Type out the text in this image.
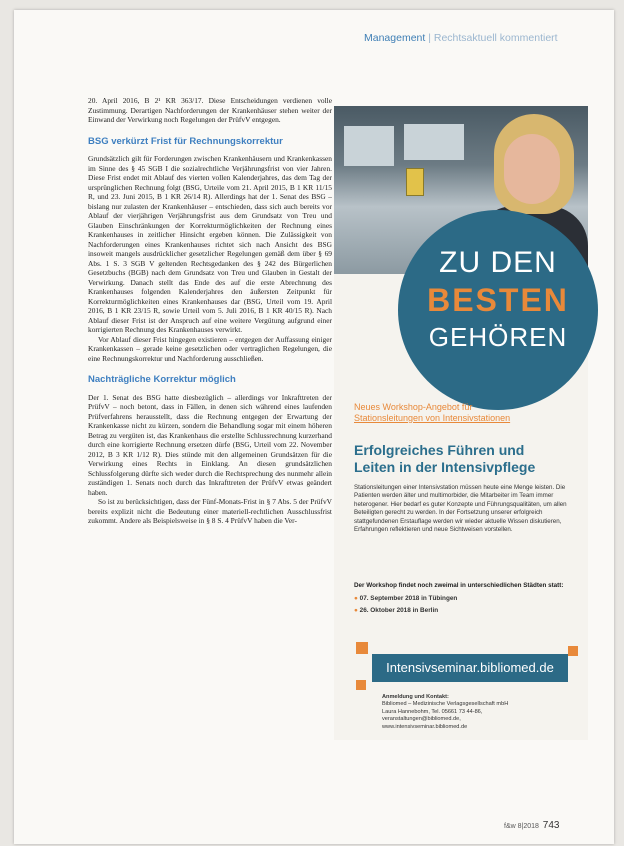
Management | Rechtsaktuell kommentiert

20. April 2016, B 2¹ KR 363/17. Diese Entscheidungen verdienen volle Zustimmung. Derartigen Nachforderungen der Krankenhäuser stehen weiter der Einwand der Verwirkung noch Regelungen der PrüfvV entgegen.

BSG verkürzt Frist für Rechnungskorrektur

Grundsätzlich gilt für Forderungen zwischen Krankenhäusern und Krankenkassen im Sinne des § 45 SGB I die sozialrechtliche Verjährungsfrist von vier Jahren. Diese Frist endet mit Ablauf des vierten vollen Kalenderjahres, das dem Tag der ursprünglichen Rechnung folgt (BSG, Urteile vom 21. April 2015, B 1 KR 11/15 R, und 23. Juni 2015, B 1 KR 26/14 R). Allerdings hat der 1. Senat des BSG – bislang nur zulasten der Krankenhäuser – entschieden, dass sich auch bereits vor Ablauf der vierjährigen Verjährungsfrist aus dem Grundsatz von Treu und Glauben Einschränkungen der Korrekturmöglichkeiten der Rechnung eines Krankenhauses in zeitlicher Hinsicht ergeben können. Die Zulässigkeit von Nachforderungen eines Krankenhauses richtet sich nach Ansicht des BSG insoweit mangels ausdrücklicher gesetzlicher Regelungen gemäß dem über § 69 Abs. 1 S. 3 SGB V geltenden Rechtsgedanken des § 242 des Bürgerlichen Gesetzbuchs (BGB) nach dem Grundsatz von Treu und Glauben in Gestalt der Verwirkung. Danach stellt das Ende des auf die erste Abrechnung des Krankenhauses folgenden Kalenderjahres den äußersten Zeitpunkt für Korrekturmöglichkeiten eines Krankenhauses dar (BSG, Urteil vom 19. April 2016, B 1 KR 23/15 R, sowie Urteil vom 5. Juli 2016, B 1 KR 40/15 R). Nach Ablauf dieser Frist ist der Anspruch auf eine weitere Vergütung aufgrund einer korrigierten Rechnung des Krankenhauses verwirkt.

Vor Ablauf dieser Frist hingegen existieren – entgegen der Auffassung einiger Krankenkassen – gerade keine gesetzlichen oder vertraglichen Regelungen, die eine Rechnungskorrektur und Nachforderung ausschließen.

Nachträgliche Korrektur möglich

Der 1. Senat des BSG hatte diesbezüglich – allerdings vor Inkrafttreten der PrüfvV – noch betont, dass in Fällen, in denen sich während eines laufenden Prüfverfahrens herausstellt, dass die Rechnung entgegen der Erwartung der Krankenkasse nicht zu kürzen, sondern die Behandlung sogar mit einem höheren Betrag zu vergüten ist, das Krankenhaus die erstellte Schlussrechnung kurzerhand durch eine korrigierte Rechnung ersetzen dürfe (BSG, Urteil vom 22. November 2012, B 3 KR 1/12 R). Dies stünde mit den allgemeinen Grundsätzen für die Verwirkung eines Rechts in Einklang. An diesen grundsätzlichen Schlussfolgerung dürfte sich weder durch die Rechtsprechung des nunmehr allein zuständigen 1. Senats noch durch das Inkrafttreten der PrüfvV etwas geändert haben.

So ist zu berücksichtigen, dass der Fünf-Monats-Frist in § 7 Abs. 5 der PrüfvV bereits explizit nicht die Bedeutung einer materiell-rechtlichen Ausschlussfrist zukommt. Andere als Beispielsweise in § 8 S. 4 PrüfvV haben die Ver-

ZU DEN
BESTEN
GEHÖREN
Neues Workshop-Angebot für
Stationsleitungen von Intensivstationen
Erfolgreiches Führen und
Leiten in der Intensivpflege
Stationsleitungen einer Intensivstation müssen heute eine Menge leisten. Die Patienten werden älter und multimorbider, die Mitarbeiter im Team immer heterogener. Hier bedarf es guter Konzepte und Führungsqualitäten, um allen Beteiligten gerecht zu werden. In der Fortsetzung unserer erfolgreich stattgefundenen Erstauflage werden wir wieder aktuelle Wissen diskutieren, Erfahrungen reflektieren und neue Sichtweisen vorstellen.
Der Workshop findet noch zweimal in unterschiedlichen Städten statt:
● 07. September 2018 in Tübingen
● 26. Oktober 2018 in Berlin
Intensivseminar.bibliomed.de
Anmeldung und Kontakt:
Bibliomed – Medizinische Verlagsgesellschaft mbH
Laura Hannebohm, Tel. 05661 73 44-86,
veranstaltungen@bibliomed.de,
www.intensivseminar.bibliomed.de
f&w 8|2018 743
